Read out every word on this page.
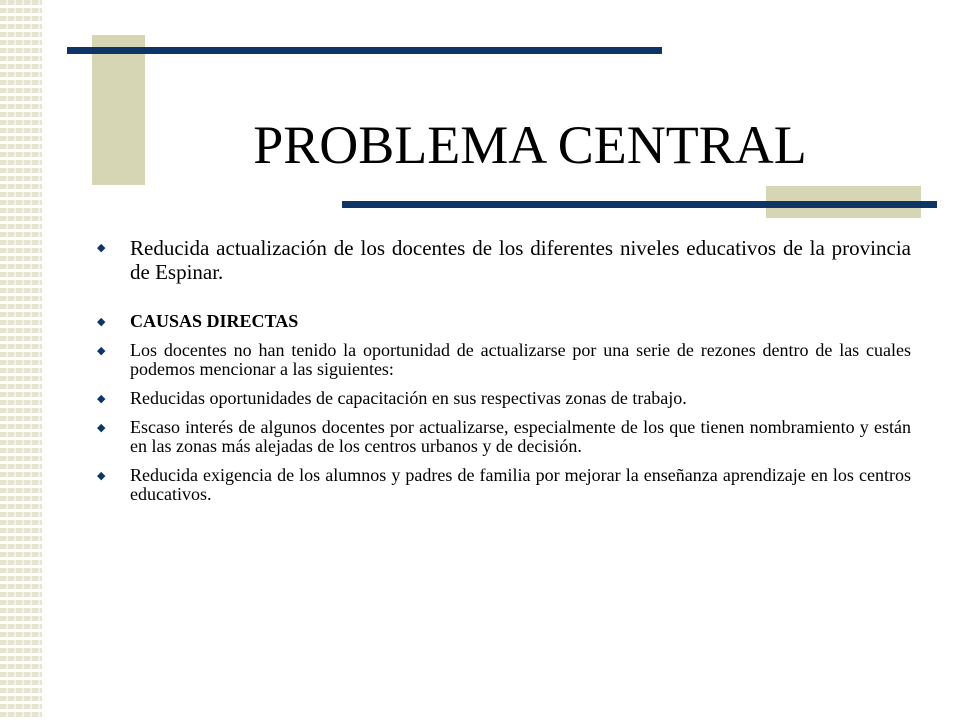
PROBLEMA CENTRAL
◆	Reducida actualización de los docentes de los diferentes niveles educativos de la provincia de Espinar.
◆	CAUSAS DIRECTAS
◆	Los docentes no han tenido la oportunidad de actualizarse por una serie de rezones dentro de las cuales podemos mencionar a las siguientes:
◆	Reducidas oportunidades de capacitación en sus respectivas zonas de trabajo.
◆	Escaso interés de algunos docentes por actualizarse, especialmente de los que tienen nombramiento y están en las zonas más alejadas de los centros urbanos y de decisión.
◆	Reducida exigencia de los alumnos y padres de familia por mejorar la enseñanza aprendizaje en los centros educativos.
